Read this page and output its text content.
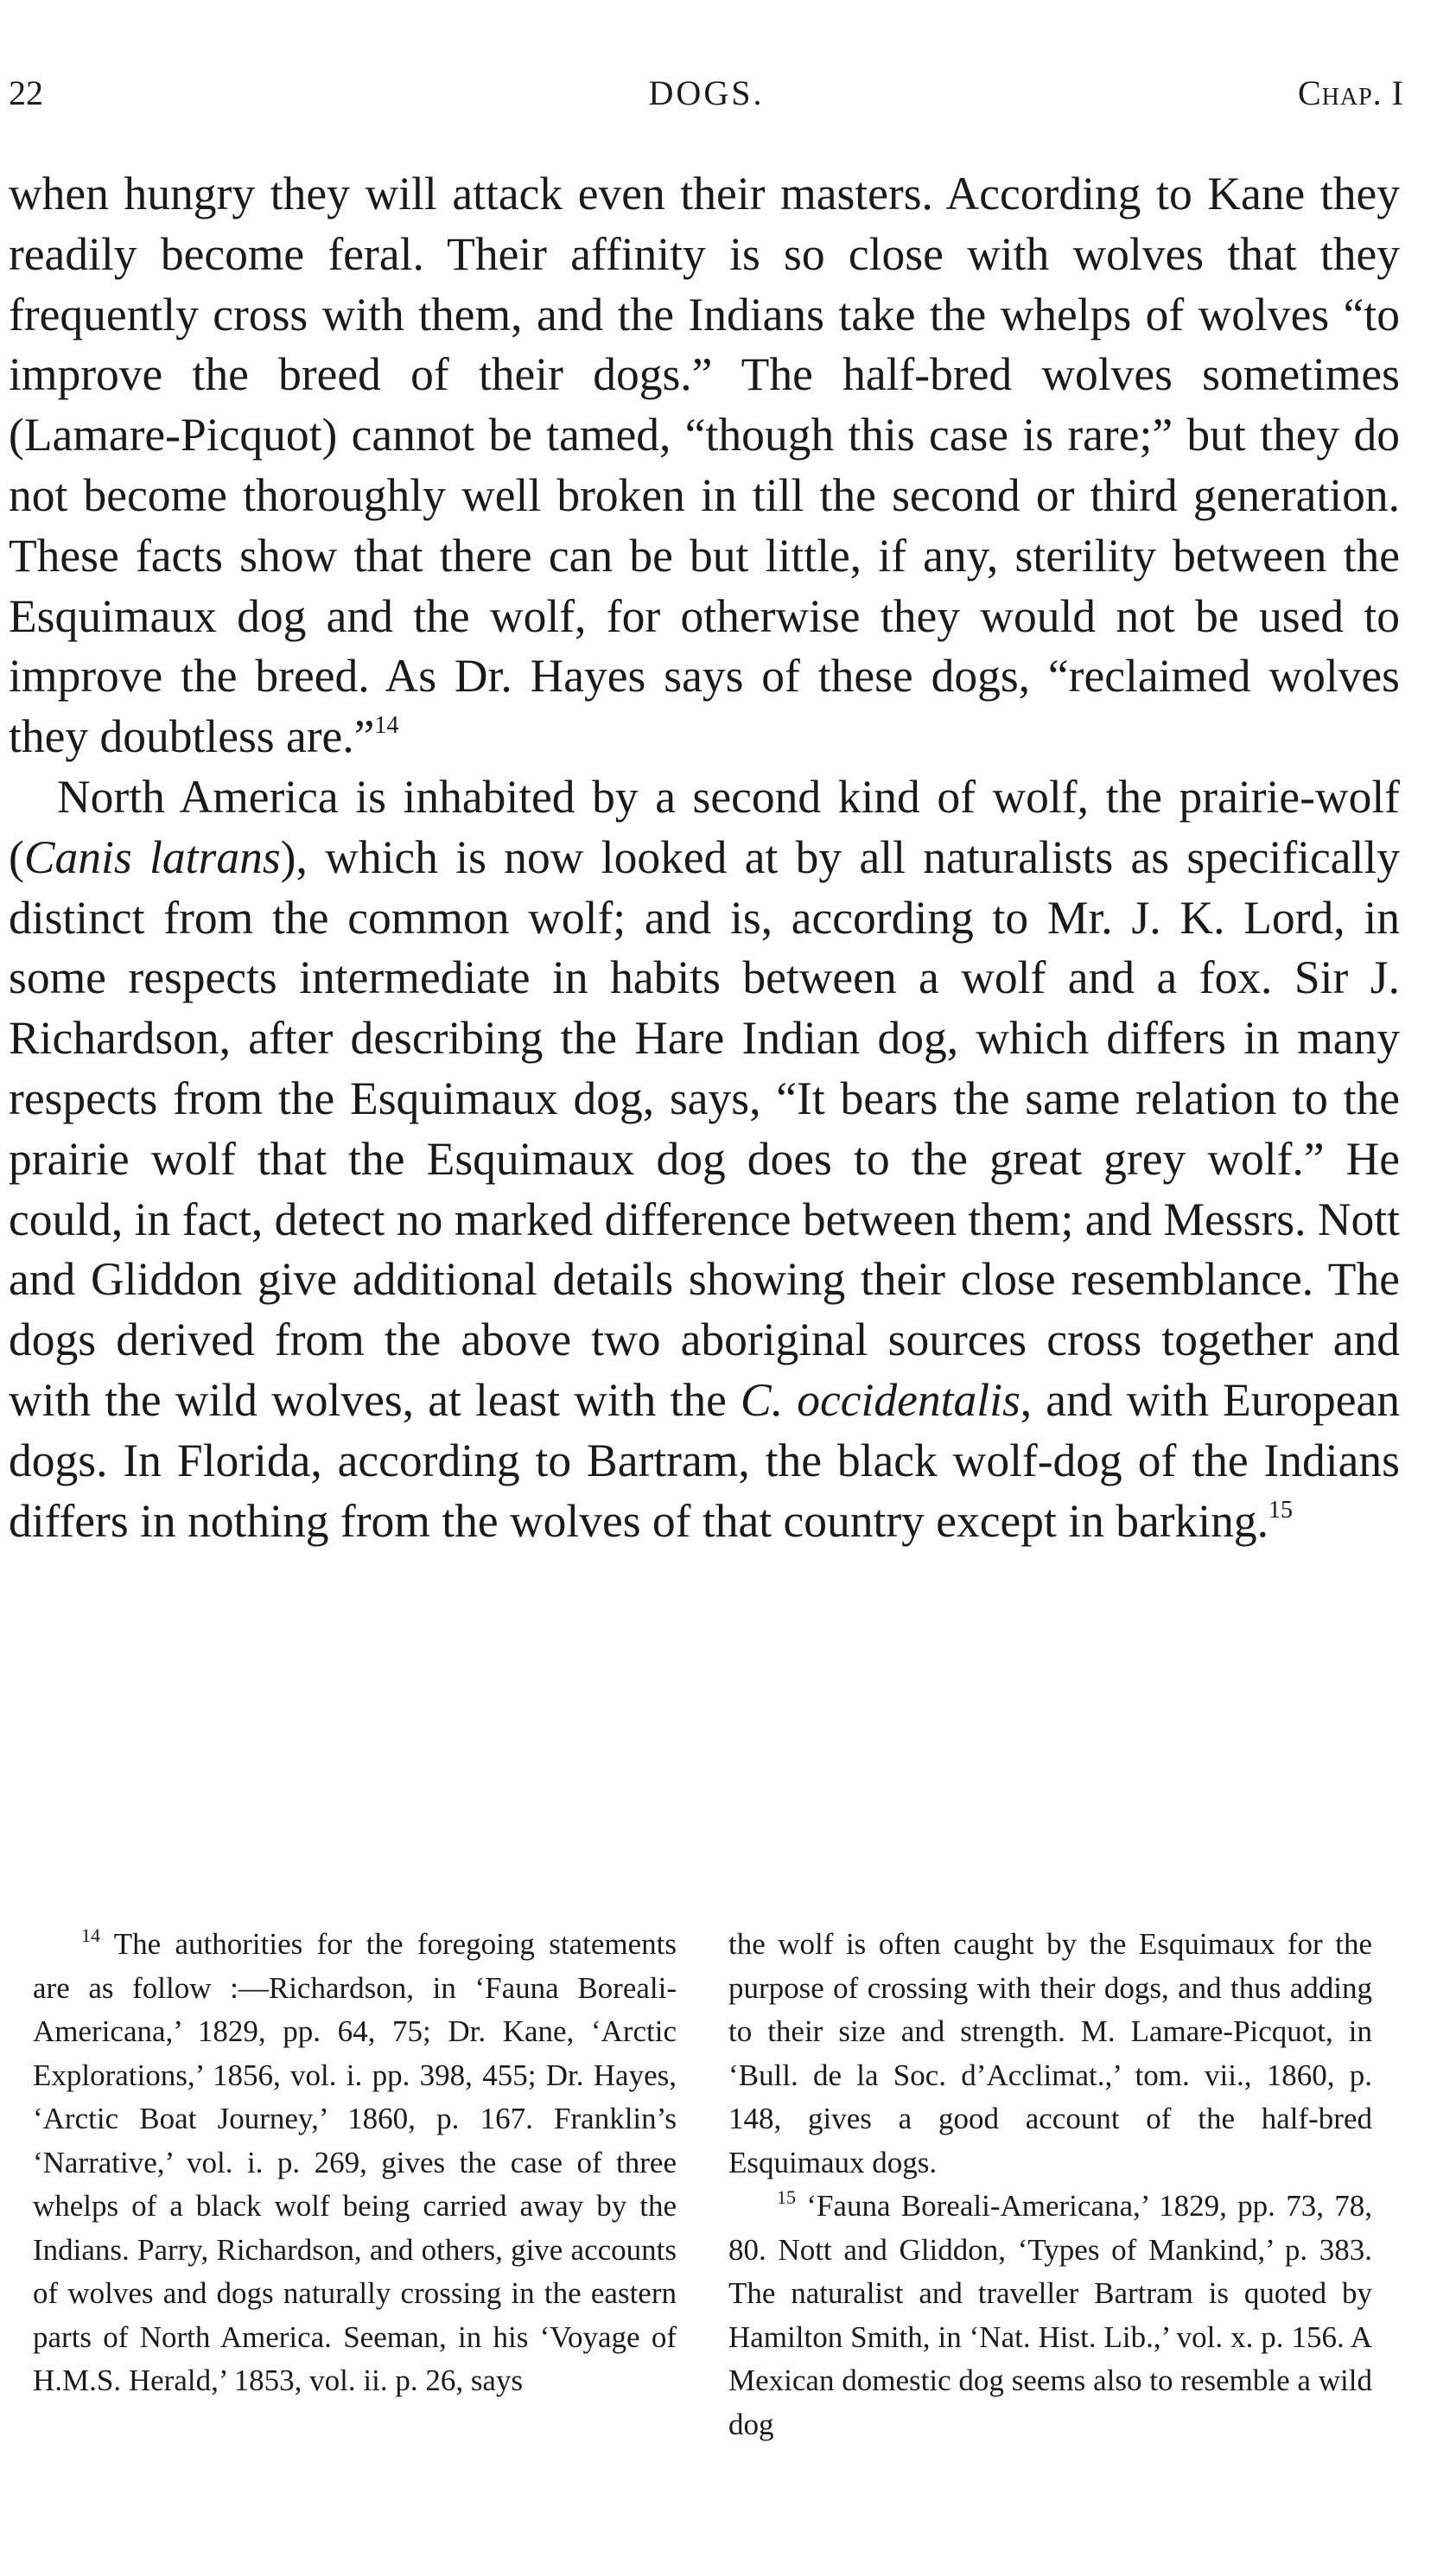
22	DOGS.	Chap. I

when hungry they will attack even their masters. According to Kane they readily become feral. Their affinity is so close with wolves that they frequently cross with them, and the Indians take the whelps of wolves “to improve the breed of their dogs.” The half-bred wolves sometimes (Lamare-Picquot) cannot be tamed, “though this case is rare;” but they do not become thoroughly well broken in till the second or third generation. These facts show that there can be but little, if any, sterility between the Esquimaux dog and the wolf, for otherwise they would not be used to improve the breed. As Dr. Hayes says of these dogs, “reclaimed wolves they doubtless are.”$^{14}$

North America is inhabited by a second kind of wolf, the prairie-wolf (Canis latrans), which is now looked at by all naturalists as specifically distinct from the common wolf; and is, according to Mr. J. K. Lord, in some respects intermediate in habits between a wolf and a fox. Sir J. Richardson, after describing the Hare Indian dog, which differs in many respects from the Esquimaux dog, says, “It bears the same relation to the prairie wolf that the Esquimaux dog does to the great grey wolf.” He could, in fact, detect no marked difference between them; and Messrs. Nott and Gliddon give additional details showing their close resemblance. The dogs derived from the above two aboriginal sources cross together and with the wild wolves, at least with the C. occidentalis, and with European dogs. In Florida, according to Bartram, the black wolf-dog of the Indians differs in nothing from the wolves of that country except in barking.$^{15}$

$^{14}$ The authorities for the foregoing statements are as follow :—Richardson, in ‘Fauna Boreali-Americana,’ 1829, pp. 64, 75; Dr. Kane, ‘Arctic Explorations,’ 1856, vol. i. pp. 398, 455; Dr. Hayes, ‘Arctic Boat Journey,’ 1860, p. 167. Franklin’s ‘Narrative,’ vol. i. p. 269, gives the case of three whelps of a black wolf being carried away by the Indians. Parry, Richardson, and others, give accounts of wolves and dogs naturally crossing in the eastern parts of North America. Seeman, in his ‘Voyage of H.M.S. Herald,’ 1853, vol. ii. p. 26, says

the wolf is often caught by the Esquimaux for the purpose of crossing with their dogs, and thus adding to their size and strength. M. Lamare-Picquot, in ‘Bull. de la Soc. d’Acclimat.,’ tom. vii., 1860, p. 148, gives a good account of the half-bred Esquimaux dogs.

$^{15}$ ‘Fauna Boreali-Americana,’ 1829, pp. 73, 78, 80. Nott and Gliddon, ‘Types of Mankind,’ p. 383. The naturalist and traveller Bartram is quoted by Hamilton Smith, in ‘Nat. Hist. Lib.,’ vol. x. p. 156. A Mexican domestic dog seems also to resemble a wild dog
